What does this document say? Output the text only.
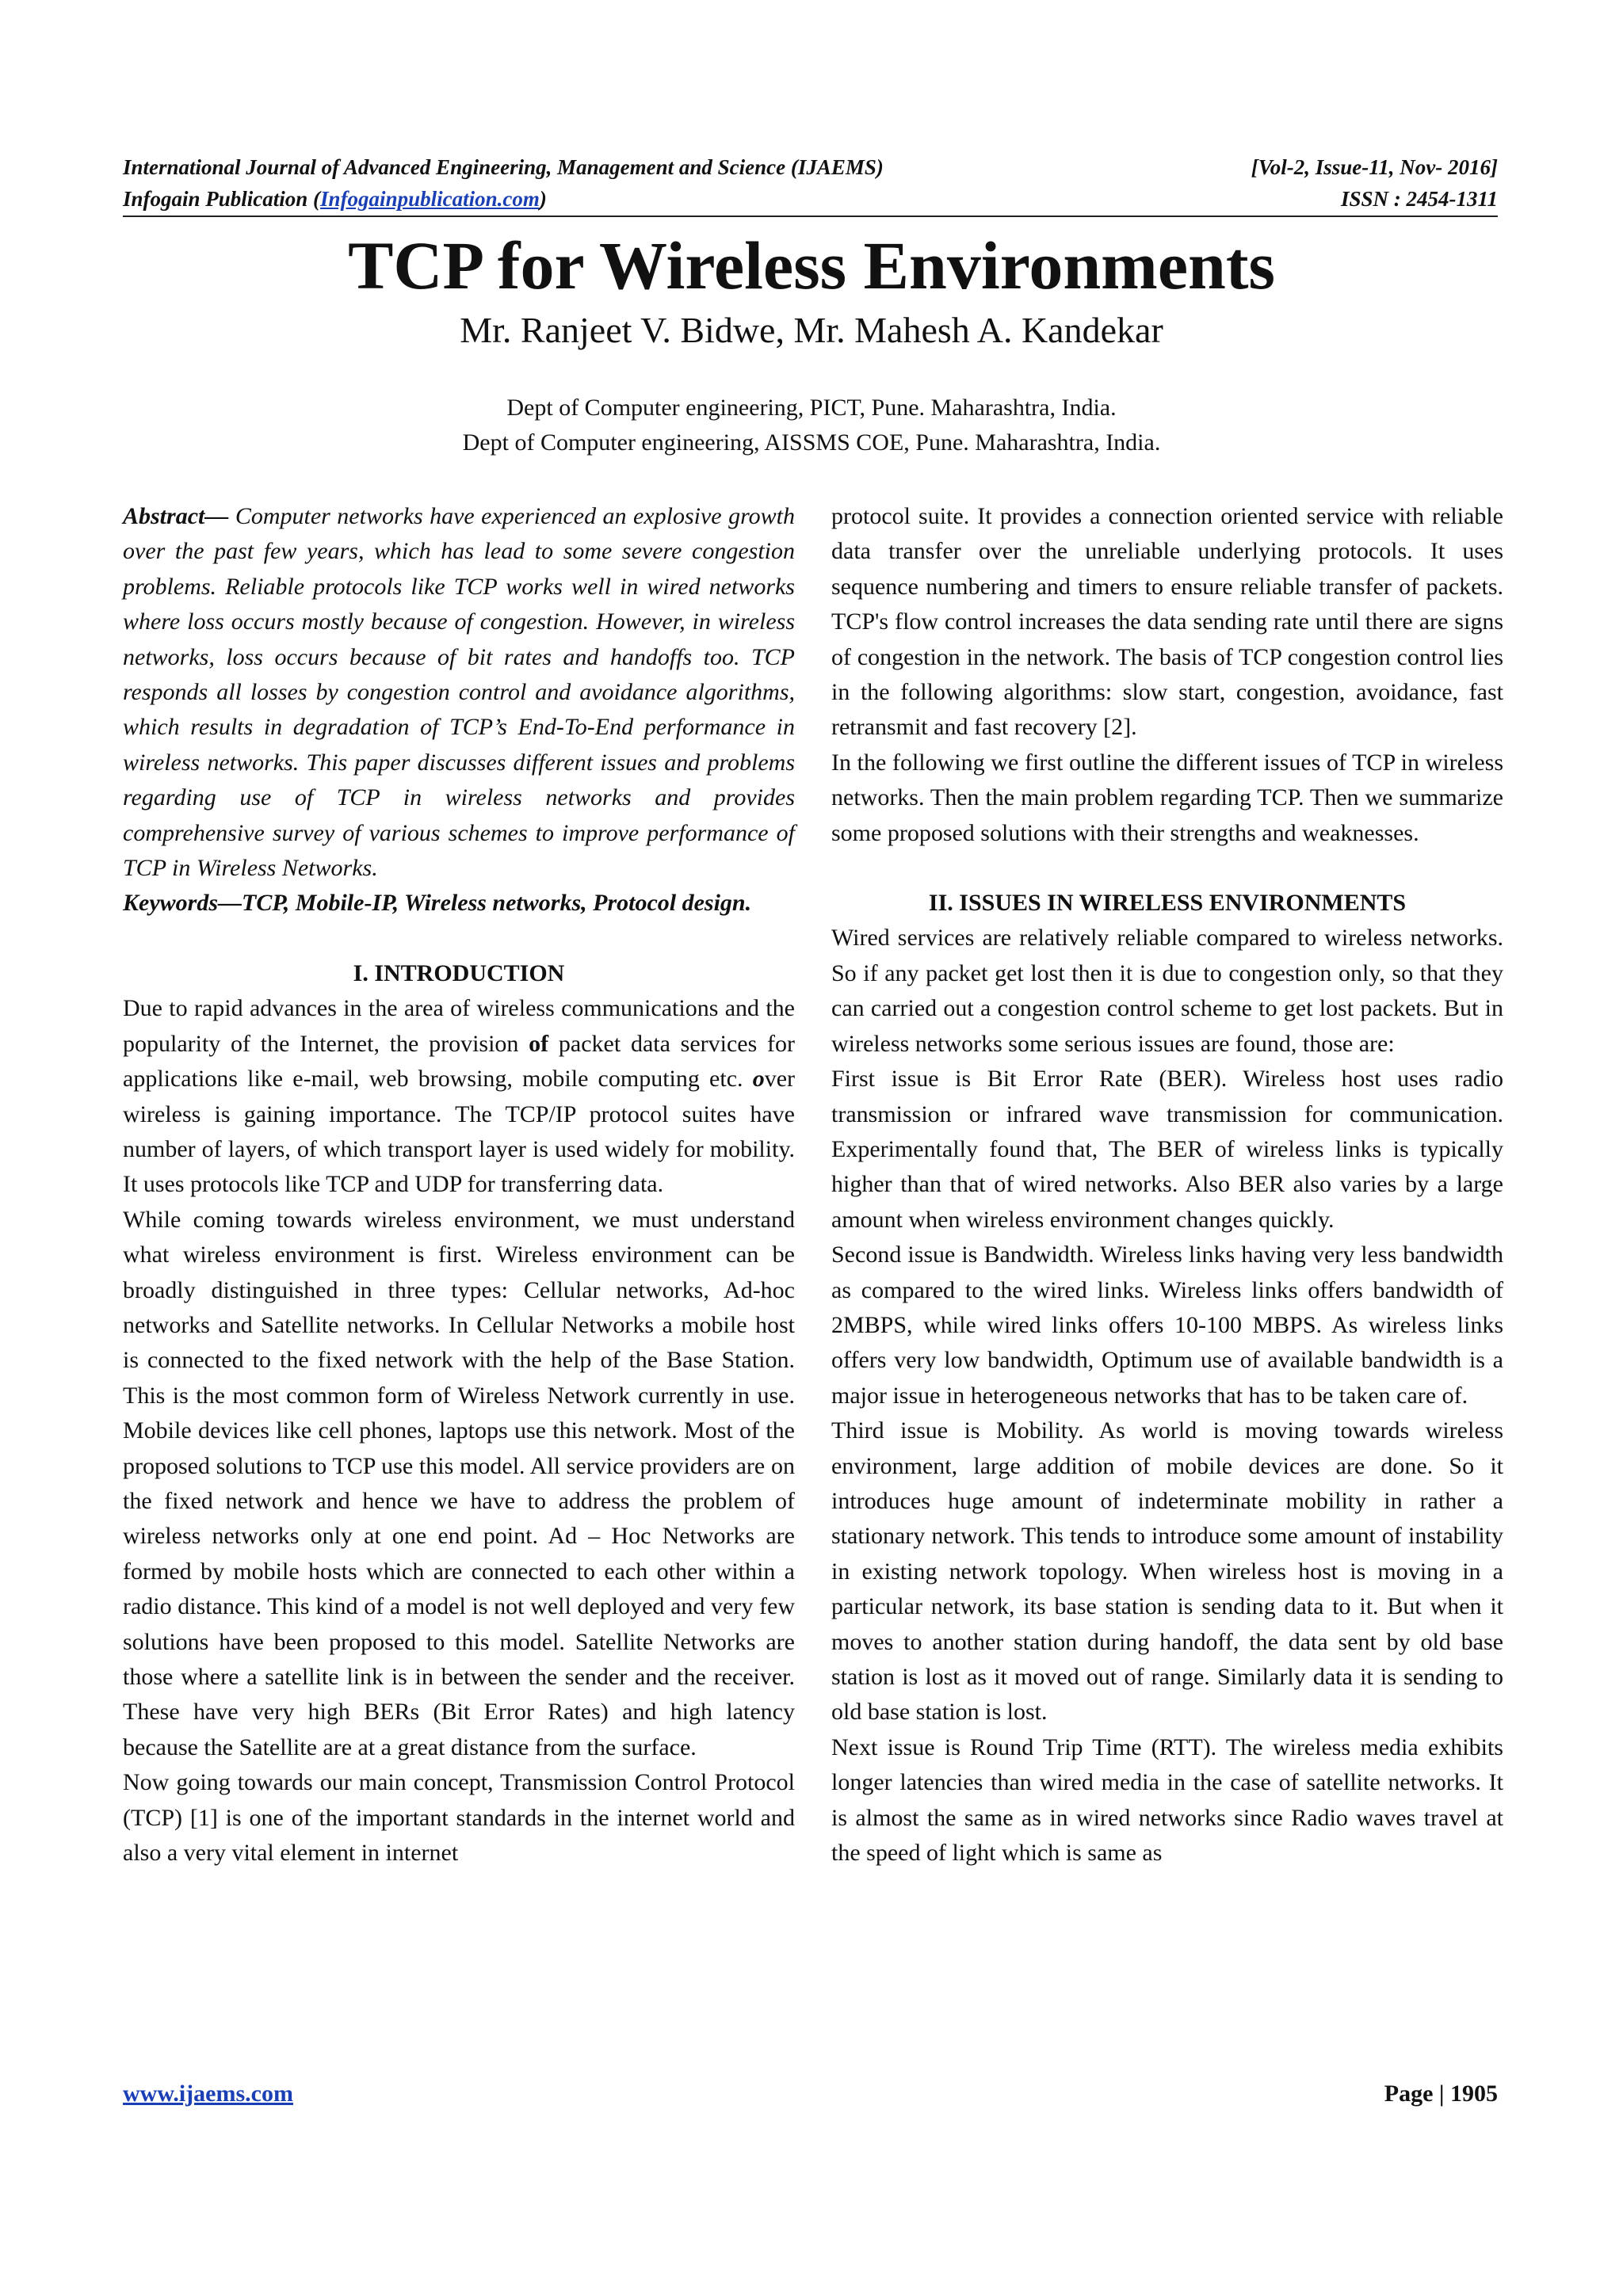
International Journal of Advanced Engineering, Management and Science (IJAEMS)	[Vol-2, Issue-11, Nov- 2016]
Infogain Publication (Infogainpublication.com)	ISSN : 2454-1311
TCP for Wireless Environments
Mr. Ranjeet V. Bidwe, Mr. Mahesh A. Kandekar
Dept of Computer engineering, PICT, Pune. Maharashtra, India.
Dept of Computer engineering, AISSMS COE, Pune. Maharashtra, India.

Abstract— Computer networks have experienced an explosive growth over the past few years, which has lead to some severe congestion problems. Reliable protocols like TCP works well in wired networks where loss occurs mostly because of congestion. However, in wireless networks, loss occurs because of bit rates and handoffs too. TCP responds all losses by congestion control and avoidance algorithms, which results in degradation of TCP’s End-To-End performance in wireless networks. This paper discusses different issues and problems regarding use of TCP in wireless networks and provides comprehensive survey of various schemes to improve performance of TCP in Wireless Networks.

Keywords—TCP, Mobile-IP, Wireless networks, Protocol design.

I. INTRODUCTION

Due to rapid advances in the area of wireless communications and the popularity of the Internet, the provision of packet data services for applications like e-mail, web browsing, mobile computing etc. over wireless is gaining importance. The TCP/IP protocol suites have number of layers, of which transport layer is used widely for mobility. It uses protocols like TCP and UDP for transferring data.

While coming towards wireless environment, we must understand what wireless environment is first. Wireless environment can be broadly distinguished in three types: Cellular networks, Ad-hoc networks and Satellite networks. In Cellular Networks a mobile host is connected to the fixed network with the help of the Base Station. This is the most common form of Wireless Network currently in use. Mobile devices like cell phones, laptops use this network. Most of the proposed solutions to TCP use this model. All service providers are on the fixed network and hence we have to address the problem of wireless networks only at one end point. Ad – Hoc Networks are formed by mobile hosts which are connected to each other within a radio distance. This kind of a model is not well deployed and very few solutions have been proposed to this model. Satellite Networks are those where a satellite link is in between the sender and the receiver. These have very high BERs (Bit Error Rates) and high latency because the Satellite are at a great distance from the surface.

Now going towards our main concept, Transmission Control Protocol (TCP) [1] is one of the important standards in the internet world and also a very vital element in internet

protocol suite. It provides a connection oriented service with reliable data transfer over the unreliable underlying protocols. It uses sequence numbering and timers to ensure reliable transfer of packets. TCP's flow control increases the data sending rate until there are signs of congestion in the network. The basis of TCP congestion control lies in the following algorithms: slow start, congestion, avoidance, fast retransmit and fast recovery [2].

In the following we first outline the different issues of TCP in wireless networks. Then the main problem regarding TCP. Then we summarize some proposed solutions with their strengths and weaknesses.

II. ISSUES IN WIRELESS ENVIRONMENTS

Wired services are relatively reliable compared to wireless networks. So if any packet get lost then it is due to congestion only, so that they can carried out a congestion control scheme to get lost packets. But in wireless networks some serious issues are found, those are:

First issue is Bit Error Rate (BER). Wireless host uses radio transmission or infrared wave transmission for communication. Experimentally found that, The BER of wireless links is typically higher than that of wired networks. Also BER also varies by a large amount when wireless environment changes quickly.

Second issue is Bandwidth. Wireless links having very less bandwidth as compared to the wired links. Wireless links offers bandwidth of 2MBPS, while wired links offers 10-100 MBPS. As wireless links offers very low bandwidth, Optimum use of available bandwidth is a major issue in heterogeneous networks that has to be taken care of.

Third issue is Mobility. As world is moving towards wireless environment, large addition of mobile devices are done. So it introduces huge amount of indeterminate mobility in rather a stationary network. This tends to introduce some amount of instability in existing network topology. When wireless host is moving in a particular network, its base station is sending data to it. But when it moves to another station during handoff, the data sent by old base station is lost as it moved out of range. Similarly data it is sending to old base station is lost.

Next issue is Round Trip Time (RTT). The wireless media exhibits longer latencies than wired media in the case of satellite networks. It is almost the same as in wired networks since Radio waves travel at the speed of light which is same as

www.ijaems.com	Page | 1905
